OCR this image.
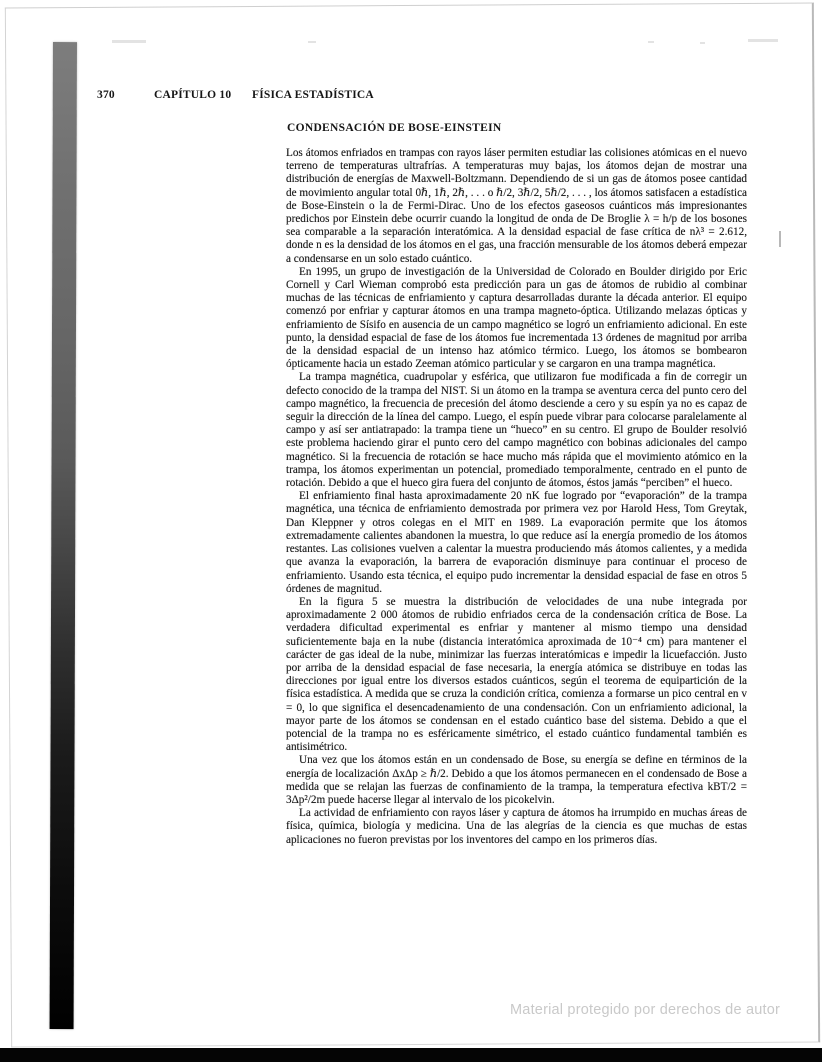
370	CAPÍTULO 10 FÍSICA ESTADÍSTICA
CONDENSACIÓN DE BOSE-EINSTEIN

Los átomos enfriados en trampas con rayos láser permiten estudiar las colisiones atómicas en el nuevo terreno de temperaturas ultrafrías. A temperaturas muy bajas, los átomos dejan de mostrar una distribución de energías de Maxwell-Boltzmann. Dependiendo de si un gas de átomos posee cantidad de movimiento angular total 0ℏ, 1ℏ, 2ℏ, . . . o ℏ/2, 3ℏ/2, 5ℏ/2, . . . , los átomos satisfacen a estadística de Bose-Einstein o la de Fermi-Dirac. Uno de los efectos gaseosos cuánticos más impresionantes predichos por Einstein debe ocurrir cuando la longitud de onda de De Broglie λ = h/p de los bosones sea comparable a la separación interatómica. A la densidad espacial de fase crítica de nλ³ = 2.612, donde n es la densidad de los átomos en el gas, una fracción mensurable de los átomos deberá empezar a condensarse en un solo estado cuántico.

En 1995, un grupo de investigación de la Universidad de Colorado en Boulder dirigido por Eric Cornell y Carl Wieman comprobó esta predicción para un gas de átomos de rubidio al combinar muchas de las técnicas de enfriamiento y captura desarrolladas durante la década anterior. El equipo comenzó por enfriar y capturar átomos en una trampa magneto-óptica. Utilizando melazas ópticas y enfriamiento de Sísifo en ausencia de un campo magnético se logró un enfriamiento adicional. En este punto, la densidad espacial de fase de los átomos fue incrementada 13 órdenes de magnitud por arriba de la densidad espacial de un intenso haz atómico térmico. Luego, los átomos se bombearon ópticamente hacia un estado Zeeman atómico particular y se cargaron en una trampa magnética.

La trampa magnética, cuadrupolar y esférica, que utilizaron fue modificada a fin de corregir un defecto conocido de la trampa del NIST. Si un átomo en la trampa se aventura cerca del punto cero del campo magnético, la frecuencia de precesión del átomo desciende a cero y su espín ya no es capaz de seguir la dirección de la línea del campo. Luego, el espín puede vibrar para colocarse paralelamente al campo y así ser antiatrapado: la trampa tiene un “hueco” en su centro. El grupo de Boulder resolvió este problema haciendo girar el punto cero del campo magnético con bobinas adicionales del campo magnético. Si la frecuencia de rotación se hace mucho más rápida que el movimiento atómico en la trampa, los átomos experimentan un potencial, promediado temporalmente, centrado en el punto de rotación. Debido a que el hueco gira fuera del conjunto de átomos, éstos jamás “perciben” el hueco.

El enfriamiento final hasta aproximadamente 20 nK fue logrado por “evaporación” de la trampa magnética, una técnica de enfriamiento demostrada por primera vez por Harold Hess, Tom Greytak, Dan Kleppner y otros colegas en el MIT en 1989. La evaporación permite que los átomos extremadamente calientes abandonen la muestra, lo que reduce así la energía promedio de los átomos restantes. Las colisiones vuelven a calentar la muestra produciendo más átomos calientes, y a medida que avanza la evaporación, la barrera de evaporación disminuye para continuar el proceso de enfriamiento. Usando esta técnica, el equipo pudo incrementar la densidad espacial de fase en otros 5 órdenes de magnitud.

En la figura 5 se muestra la distribución de velocidades de una nube integrada por aproximadamente 2 000 átomos de rubidio enfriados cerca de la condensación crítica de Bose. La verdadera dificultad experimental es enfriar y mantener al mismo tiempo una densidad suficientemente baja en la nube (distancia interatómica aproximada de 10⁻⁴ cm) para mantener el carácter de gas ideal de la nube, minimizar las fuerzas interatómicas e impedir la licuefacción. Justo por arriba de la densidad espacial de fase necesaria, la energía atómica se distribuye en todas las direcciones por igual entre los diversos estados cuánticos, según el teorema de equipartición de la física estadística. A medida que se cruza la condición crítica, comienza a formarse un pico central en v = 0, lo que significa el desencadenamiento de una condensación. Con un enfriamiento adicional, la mayor parte de los átomos se condensan en el estado cuántico base del sistema. Debido a que el potencial de la trampa no es esféricamente simétrico, el estado cuántico fundamental también es antisimétrico.

Una vez que los átomos están en un condensado de Bose, su energía se define en términos de la energía de localización ΔxΔp ≥ ℏ/2. Debido a que los átomos permanecen en el condensado de Bose a medida que se relajan las fuerzas de confinamiento de la trampa, la temperatura efectiva kBT/2 = 3Δp²/2m puede hacerse llegar al intervalo de los picokelvin.

La actividad de enfriamiento con rayos láser y captura de átomos ha irrumpido en muchas áreas de física, química, biología y medicina. Una de las alegrías de la ciencia es que muchas de estas aplicaciones no fueron previstas por los inventores del campo en los primeros días.

Material protegido por derechos de autor
